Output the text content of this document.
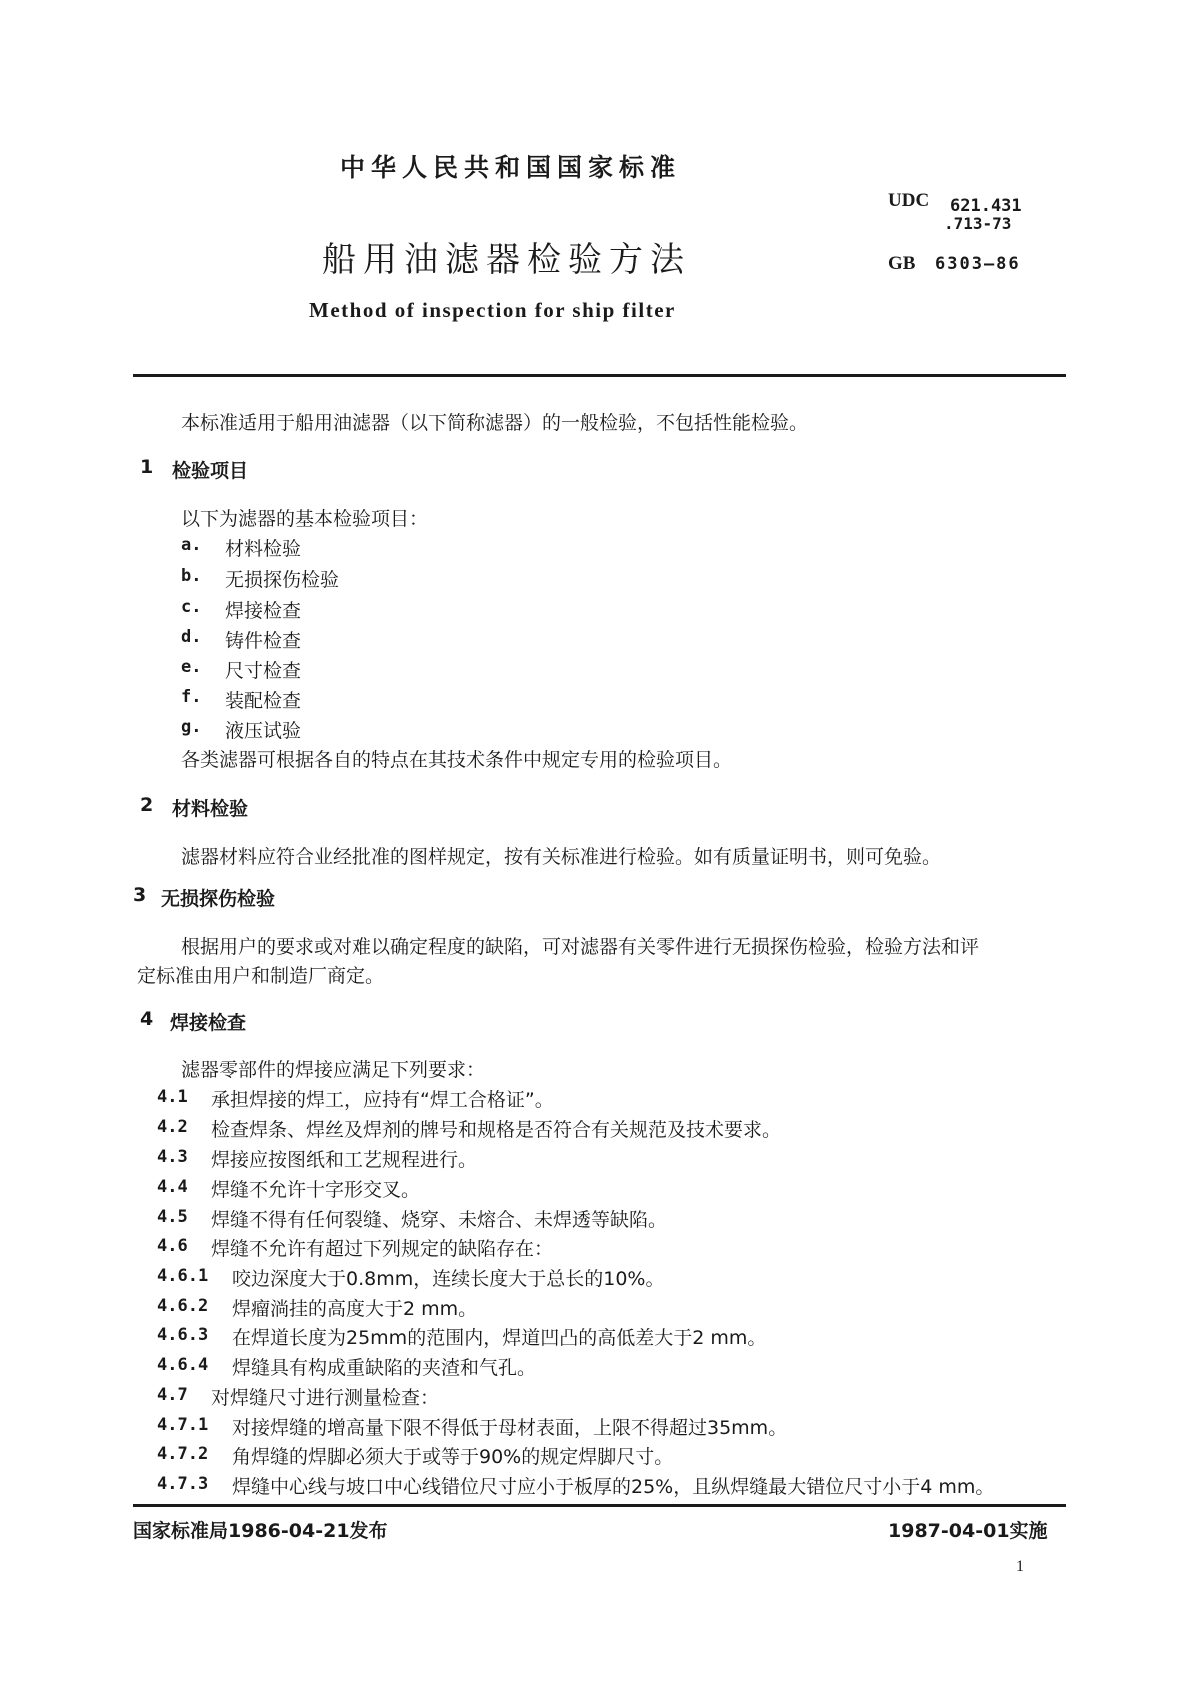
中华人民共和国国家标准
UDC 621.431
.713-73
船用油滤器检验方法	GB 6303—86
Method of inspection for ship filter
本标准适用于船用油滤器（以下简称滤器）的一般检验，不包括性能检验。
1 检验项目
以下为滤器的基本检验项目：
a. 材料检验
b. 无损探伤检验
c. 焊接检查
d. 铸件检查
e. 尺寸检查
f. 装配检查
g. 液压试验
各类滤器可根据各自的特点在其技术条件中规定专用的检验项目。
2 材料检验
滤器材料应符合业经批准的图样规定，按有关标准进行检验。如有质量证明书，则可免验。
3 无损探伤检验
根据用户的要求或对难以确定程度的缺陷，可对滤器有关零件进行无损探伤检验，检验方法和评
定标准由用户和制造厂商定。
4 焊接检查
滤器零部件的焊接应满足下列要求：
4.1 承担焊接的焊工，应持有“焊工合格证”。
4.2 检查焊条、焊丝及焊剂的牌号和规格是否符合有关规范及技术要求。
4.3 焊接应按图纸和工艺规程进行。
4.4 焊缝不允许十字形交叉。
4.5 焊缝不得有任何裂缝、烧穿、未熔合、未焊透等缺陷。
4.6 焊缝不允许有超过下列规定的缺陷存在：
4.6.1 咬边深度大于0.8mm，连续长度大于总长的10%。
4.6.2 焊瘤淌挂的高度大于2 mm。
4.6.3 在焊道长度为25mm的范围内，焊道凹凸的高低差大于2 mm。
4.6.4 焊缝具有构成重缺陷的夹渣和气孔。
4.7 对焊缝尺寸进行测量检查：
4.7.1 对接焊缝的增高量下限不得低于母材表面，上限不得超过35mm。
4.7.2 角焊缝的焊脚必须大于或等于90%的规定焊脚尺寸。
4.7.3 焊缝中心线与坡口中心线错位尺寸应小于板厚的25%，且纵焊缝最大错位尺寸小于4 mm。
国家标准局1986-04-21发布	1987-04-01实施
1
